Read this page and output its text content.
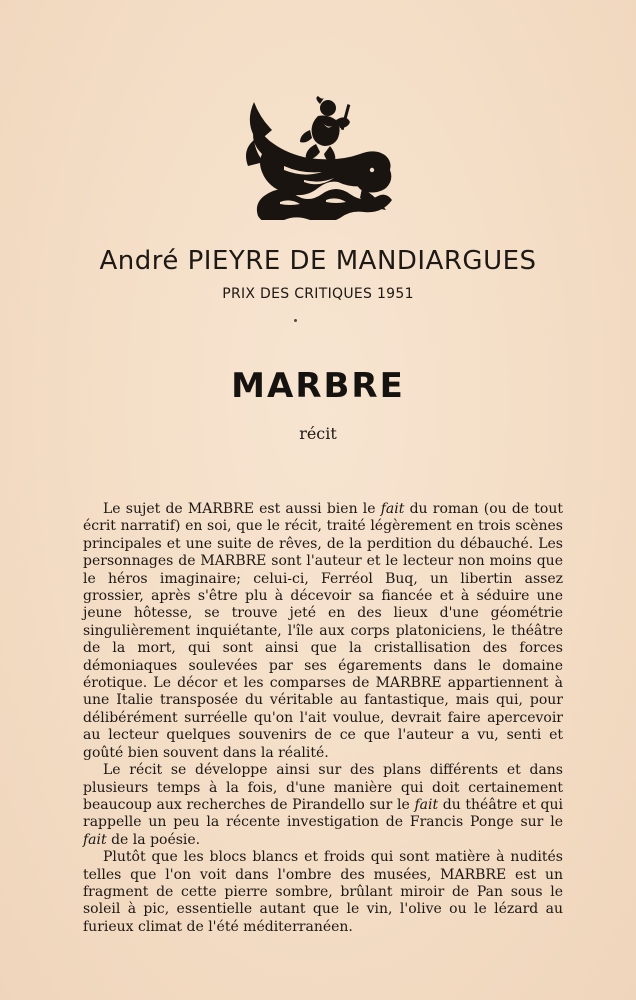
André PIEYRE DE MANDIARGUES
PRIX DES CRITIQUES 1951
MARBRE
récit

Le sujet de MARBRE est aussi bien le fait du roman (ou de tout écrit narratif) en soi, que le récit, traité légèrement en trois scènes principales et une suite de rêves, de la perdition du débauché. Les personnages de MARBRE sont l'auteur et le lecteur non moins que le héros imaginaire; celui-ci, Ferréol Buq, un libertin assez grossier, après s'être plu à décevoir sa fiancée et à séduire une jeune hôtesse, se trouve jeté en des lieux d'une géométrie singulièrement inquiétante, l'île aux corps platoniciens, le théâtre de la mort, qui sont ainsi que la cristallisation des forces démoniaques soulevées par ses égarements dans le domaine érotique. Le décor et les comparses de MARBRE appartiennent à une Italie transposée du véritable au fantastique, mais qui, pour délibérément surréelle qu'on l'ait voulue, devrait faire apercevoir au lecteur quelques souvenirs de ce que l'auteur a vu, senti et goûté bien souvent dans la réalité.

Le récit se développe ainsi sur des plans différents et dans plusieurs temps à la fois, d'une manière qui doit certainement beaucoup aux recherches de Pirandello sur le fait du théâtre et qui rappelle un peu la récente investigation de Francis Ponge sur le fait de la poésie.

Plutôt que les blocs blancs et froids qui sont matière à nudités telles que l'on voit dans l'ombre des musées, MARBRE est un fragment de cette pierre sombre, brûlant miroir de Pan sous le soleil à pic, essentielle autant que le vin, l'olive ou le lézard au furieux climat de l'été méditerranéen.
